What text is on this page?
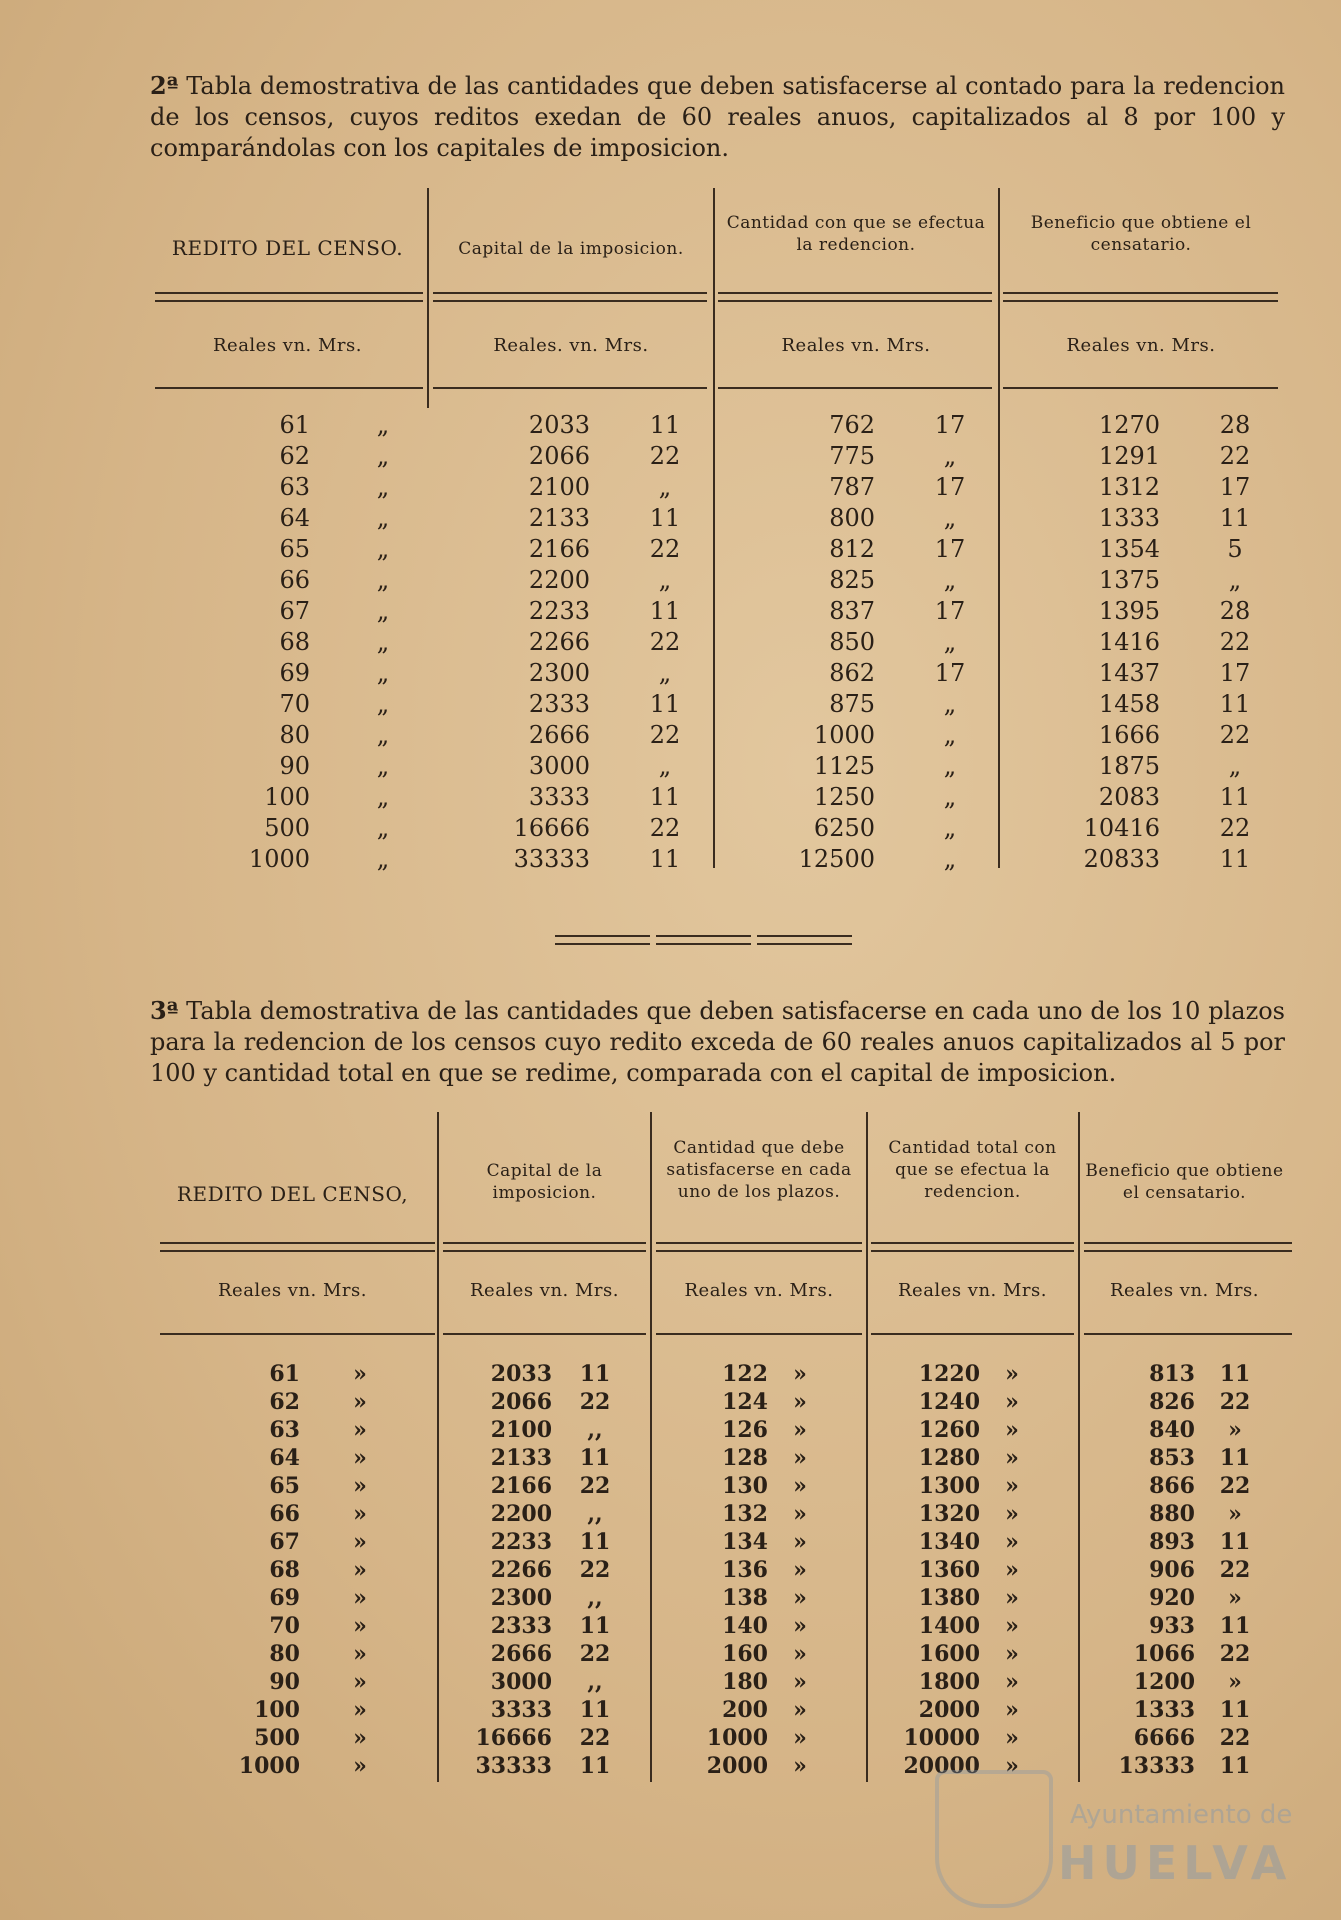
2ª Tabla demostrativa de las cantidades que deben satisfacerse al contado para la redencion de los censos, cuyos reditos exedan de 60 reales anuos, capitalizados al 8 por 100 y comparándolas con los capitales de imposicion.
REDITO DEL CENSO.	Capital de la imposicion.
Cantidad con que se efectua la redencion.
Beneficio que obtiene el censatario.
Reales vn. Mrs.	Reales. vn. Mrs.	Reales vn. Mrs.	Reales vn. Mrs.
61	„	2033	11	762	17	1270	28
62	„	2066	22	775	„	1291	22
63	„	2100	„	787	17	1312	17
64	„	2133	11	800	„	1333	11
65	„	2166	22	812	17	1354	5
66	„	2200	„	825	„	1375	„
67	„	2233	11	837	17	1395	28
68	„	2266	22	850	„	1416	22
69	„	2300	„	862	17	1437	17
70	„	2333	11	875	„	1458	11
80	„	2666	22	1000	„	1666	22
90	„	3000	„	1125	„	1875	„
100	„	3333	11	1250	„	2083	11
500	„	16666	22	6250	„	10416	22
1000	„	33333	11	12500	„	20833	11
3ª Tabla demostrativa de las cantidades que deben satisfacerse en cada uno de los 10 plazos para la redencion de los censos cuyo redito exceda de 60 reales anuos capitalizados al 5 por 100 y cantidad total en que se redime, comparada con el capital de imposicion.
REDITO DEL CENSO,
Capital de la imposicion.
Cantidad que debe satisfacerse en cada uno de los plazos.
Cantidad total con que se efectua la redencion.
Beneficio que obtiene el censatario.
Reales vn. Mrs.	Reales vn. Mrs.	Reales vn. Mrs.	Reales vn. Mrs.	Reales vn. Mrs.
61	»	2033	11	122	»	1220	»	813	11
62	»	2066	22	124	»	1240	»	826	22
63	»	2100	,,	126	»	1260	»	840	»
64	»	2133	11	128	»	1280	»	853	11
65	»	2166	22	130	»	1300	»	866	22
66	»	2200	,,	132	»	1320	»	880	»
67	»	2233	11	134	»	1340	»	893	11
68	»	2266	22	136	»	1360	»	906	22
69	»	2300	,,	138	»	1380	»	920	»
70	»	2333	11	140	»	1400	»	933	11
80	»	2666	22	160	»	1600	»	1066	22
90	»	3000	,,	180	»	1800	»	1200	»
100	»	3333	11	200	»	2000	»	1333	11
500	»	16666	22	1000	»	10000	»	6666	22
1000	»	33333	11	2000	»	20000	»	13333	11
Ayuntamiento de
HUELVA
